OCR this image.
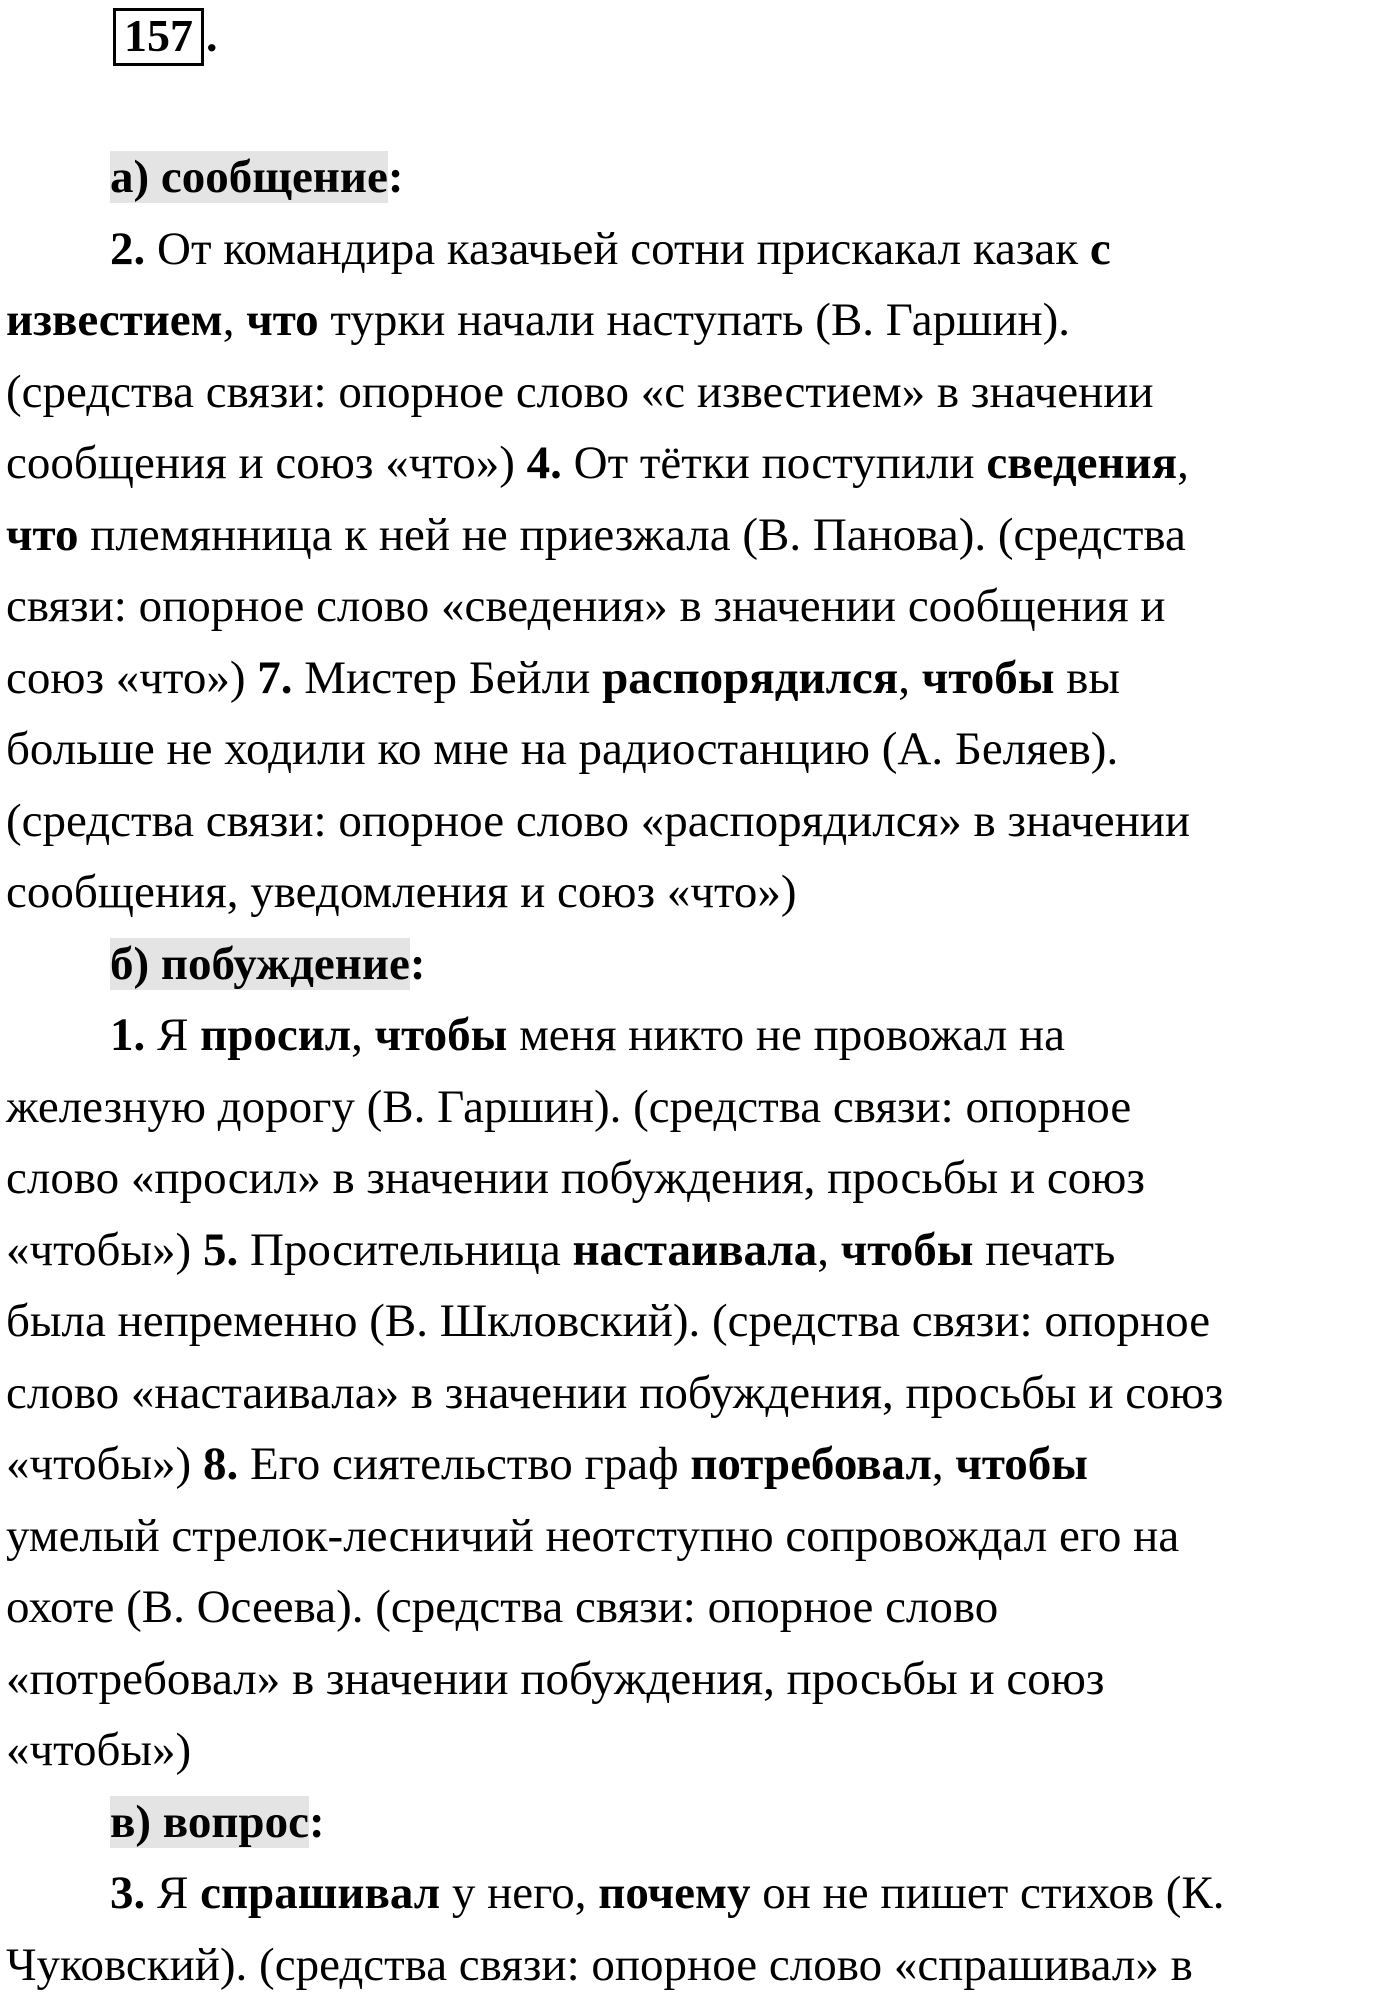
157 .

а) сообщение:

2. От командира казачьей сотни прискакал казак с

известием, что турки начали наступать (В. Гаршин).

(средства связи: опорное слово «с известием» в значении

сообщения и союз «что») 4. От тётки поступили сведения,

что племянница к ней не приезжала (В. Панова). (средства

связи: опорное слово «сведения» в значении сообщения и

союз «что») 7. Мистер Бейли распорядился, чтобы вы

больше не ходили ко мне на радиостанцию (А. Беляев).

(средства связи: опорное слово «распорядился» в значении

сообщения, уведомления и союз «что»)

б) побуждение:

1. Я просил, чтобы меня никто не провожал на

железную дорогу (В. Гаршин). (средства связи: опорное

слово «просил» в значении побуждения, просьбы и союз

«чтобы») 5. Просительница настаивала, чтобы печать

была непременно (В. Шкловский). (средства связи: опорное

слово «настаивала» в значении побуждения, просьбы и союз

«чтобы») 8. Его сиятельство граф потребовал, чтобы

умелый стрелок-лесничий неотступно сопровождал его на

охоте (В. Осеева). (средства связи: опорное слово

«потребовал» в значении побуждения, просьбы и союз

«чтобы»)

в) вопрос:

3. Я спрашивал у него, почему он не пишет стихов (К.

Чуковский). (средства связи: опорное слово «спрашивал» в
